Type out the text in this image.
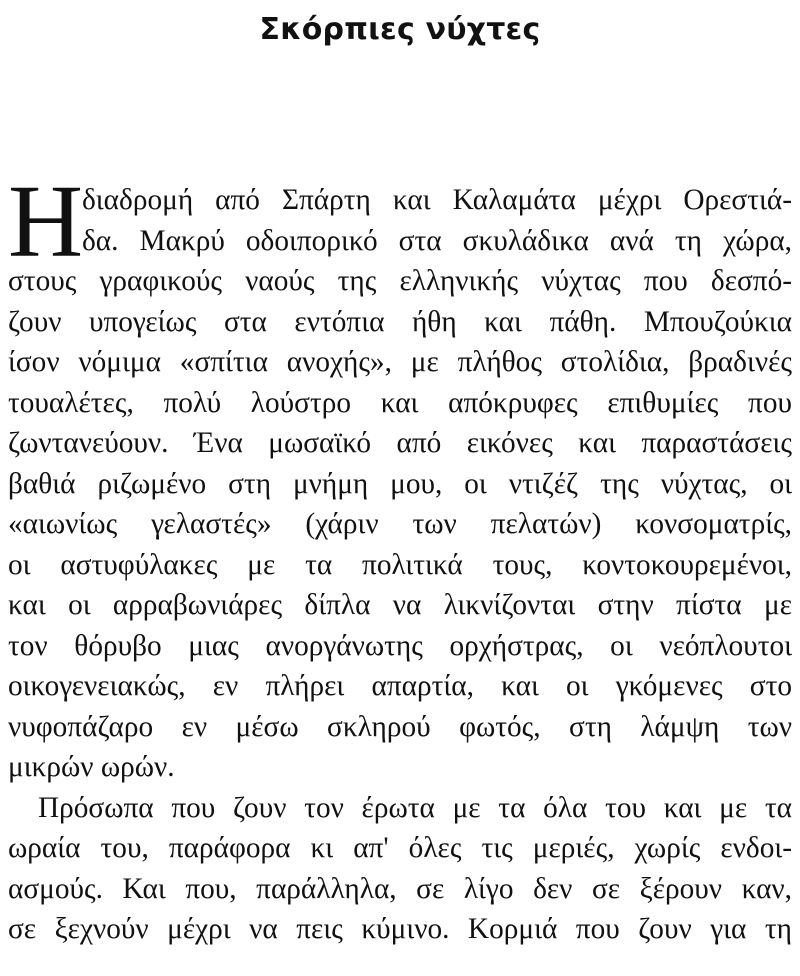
Σκόρπιες νύχτες
Η
διαδρομή από Σπάρτη και Καλαμάτα μέχρι Ορεστιά-
δα. Μακρύ οδοιπορικό στα σκυλάδικα ανά τη χώρα,
στους γραφικούς ναούς της ελληνικής νύχτας που δεσπό-
ζουν υπογείως στα εντόπια ήθη και πάθη. Μπουζούκια
ίσον νόμιμα «σπίτια ανοχής», με πλήθος στολίδια, βραδινές
τουαλέτες, πολύ λούστρο και απόκρυφες επιθυμίες που
ζωντανεύουν. Ένα μωσαϊκό από εικόνες και παραστάσεις
βαθιά ριζωμένο στη μνήμη μου, οι ντιζέζ της νύχτας, οι
«αιωνίως γελαστές» (χάριν των πελατών) κονσοματρίς,
οι αστυφύλακες με τα πολιτικά τους, κοντοκουρεμένοι,
και οι αρραβωνιάρες δίπλα να λικνίζονται στην πίστα με
τον θόρυβο μιας ανοργάνωτης ορχήστρας, οι νεόπλουτοι
οικογενειακώς, εν πλήρει απαρτία, και οι γκόμενες στο
νυφοπάζαρο εν μέσω σκληρού φωτός, στη λάμψη των
μικρών ωρών.
Πρόσωπα που ζουν τον έρωτα με τα όλα του και με τα
ωραία του, παράφορα κι απ' όλες τις μεριές, χωρίς ενδοι-
ασμούς. Και που, παράλληλα, σε λίγο δεν σε ξέρουν καν,
σε ξεχνούν μέχρι να πεις κύμινο. Κορμιά που ζουν για τη
